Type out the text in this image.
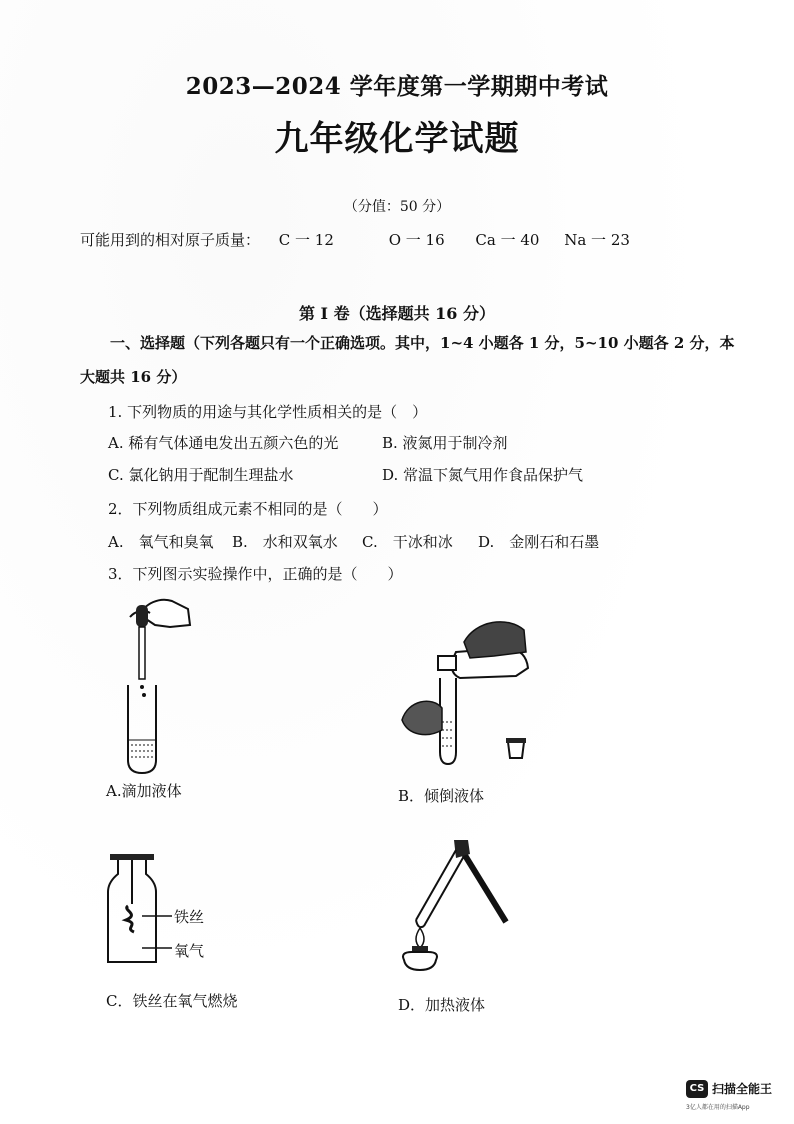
2023—2024 学年度第一学期期中考试
九年级化学试题
（分值：50 分）
可能用到的相对原子质量： C 一 12	O 一 16 Ca 一 40 Na 一 23
第 I 卷（选择题共 16 分）
一、选择题（下列各题只有一个正确选项。其中，1~4 小题各 1 分，5~10 小题各 2 分，本
大题共 16 分）
1. 下列物质的用途与其化学性质相关的是（　）
A. 稀有气体通电发出五颜六色的光	B. 液氮用于制冷剂
C. 氯化钠用于配制生理盐水	D. 常温下氮气用作食品保护气
2．下列物质组成元素不相同的是（　　）
A.　氧气和臭氧 B.　水和双氧水 C.　干冰和冰 D.　金刚石和石墨
3．下列图示实验操作中，正确的是（　　）
A.滴加液体	B．倾倒液体
铁丝
氧气
C．铁丝在氧气燃烧	D．加热液体
CS 扫描全能王
3亿人都在用的扫描App
